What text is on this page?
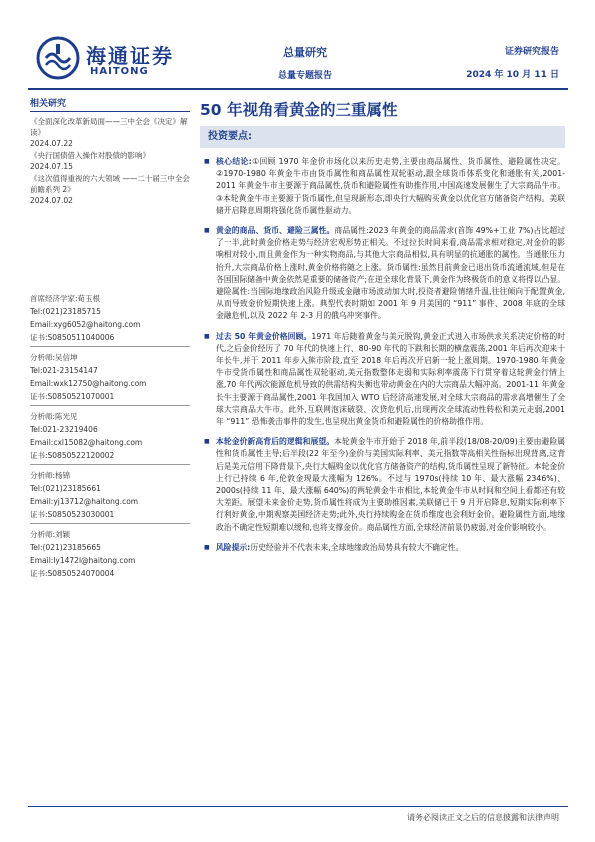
海通证券
HAITONG
总量研究
总量专题报告
证券研究报告
2024 年 10 月 11 日
相关研究
《全面深化改革新局面——三中全会《决定》解读》
2024.07.22
《央行国债借入操作对股债的影响》
2024.07.15
《这次值得重视的六大领域 ——二十届三中全会前瞻系列 2》
2024.07.02
首席经济学家:荀玉根
Tel:(021)23185715
Email:xyg6052@haitong.com
证书:S0850511040006
分析师:吴信坤
Tel:021-23154147
Email:wxk12750@haitong.com
证书:S0850521070001
分析师:陈光见
Tel:021-23219406
Email:cxl15082@haitong.com
证书:S0850522120002
分析师:杨锦
Tel:(021)23185661
Email:yj13712@haitong.com
证书:S0850523030001
分析师:刘颖
Tel:(021)23185665
Email:ly1472l@haitong.com
证书:S0850524070004
50 年视角看黄金的三重属性
投资要点:
■ 核心结论:①回顾 1970 年金价市场化以来历史走势,主要由商品属性、货币属性、避险属性决定。②1970-1980 年黄金牛市由货币属性和商品属性双轮驱动,跟全球货币体系变化和通胀有关,2001-2011 年黄金牛市主要源于商品属性,货币和避险属性有助推作用,中国高速发展催生了大宗商品牛市。③本轮黄金牛市主要源于货币属性,但呈现新形态,即央行大幅购买黄金以优化官方储备资产结构。美联储开启降息周期将强化货币属性驱动力。
■ 黄金的商品、货币、避险三属性。商品属性:2023 年黄金的商品需求(首饰 49%+工业 7%)占比超过了一半,此时黄金价格走势与经济宏观形势正相关。不过拉长时间来看,商品需求相对稳定,对金价的影响相对较小,而且黄金作为一种实物商品,与其他大宗商品相似,具有明显的抗通胀的属性。当通胀压力抬升,大宗商品价格上涨时,黄金价格将随之上涨。货币属性:虽然目前黄金已退出货币流通流域,但是在各国国际储备中黄金依然是重要的储备资产;在逆全球化背景下,黄金作为终极货币的意义将得以凸显。避险属性:当国际地缘政治风险升级或金融市场波动加大时,投资者避险情绪升温,往往倾向于配置黄金,从而导致金价短期快速上涨。典型代表时期如 2001 年 9 月美国的 “911” 事件、2008 年底的全球金融危机,以及 2022 年 2-3 月的俄乌冲突事件。
■ 过去 50 年黄金价格回顾。1971 年后随着黄金与美元脱钩,黄金正式进入市场供求关系决定价格的时代,之后金价经历了 70 年代的快速上行、80-90 年代的下跌和长期的横盘震荡,2001 年后再次迎来十年长牛,并于 2011 年步入熊市阶段,直至 2018 年后再次开启新一轮上涨周期。1970-1980 年黄金牛市受货币属性和商品属性双轮驱动,美元指数整体走弱和实际利率震荡下行贯穿着这轮黄金行情上涨,70 年代两次能源危机导致的供需结构失衡也带动黄金在内的大宗商品大幅冲高。2001-11 年黄金长牛主要源于商品属性,2001 年我国加入 WTO 后经济高速发展,对全球大宗商品的需求高增催生了全球大宗商品大牛市。此外,互联网泡沫破裂、次贷危机后,出现两次全球流动性转松和美元走弱,2001 年 “911” 恐怖袭击事件的发生,也呈现出黄金货币和避险属性的价格助推作用。
■ 本轮金价新高背后的逻辑和展望。本轮黄金牛市开始于 2018 年,前半段(18/08-20/09)主要由避险属性和货币属性主导;后半段(22 年至今)金价与美国实际利率、美元指数等高相关性指标出现背离,这背后是美元信用下降背景下,央行大幅购金以优化官方储备资产的结构,货币属性呈现了新特征。本轮金价上行已持续 6 年,伦敦金现最大涨幅为 126%。不过与 1970s(持续 10 年、最大涨幅 2346%)、2000s(持续 11 年、最大涨幅 640%)的两轮黄金牛市相比,本轮黄金牛市从时间和空间上看都还有较大差距。展望未来金价走势,货币属性将成为主要助推因素,美联储已于 9 月开启降息,短期实际利率下行利好黄金,中期观察美国经济走势;此外,央行持续购金在货币维度也会利好金价。避险属性方面,地缘政治不确定性短期难以缓和,也将支撑金价。商品属性方面,全球经济前景仍疲弱,对金价影响较小。
■ 风险提示:历史经验并不代表未来,全球地缘政治局势具有较大不确定性。
请务必阅读正文之后的信息披露和法律声明
